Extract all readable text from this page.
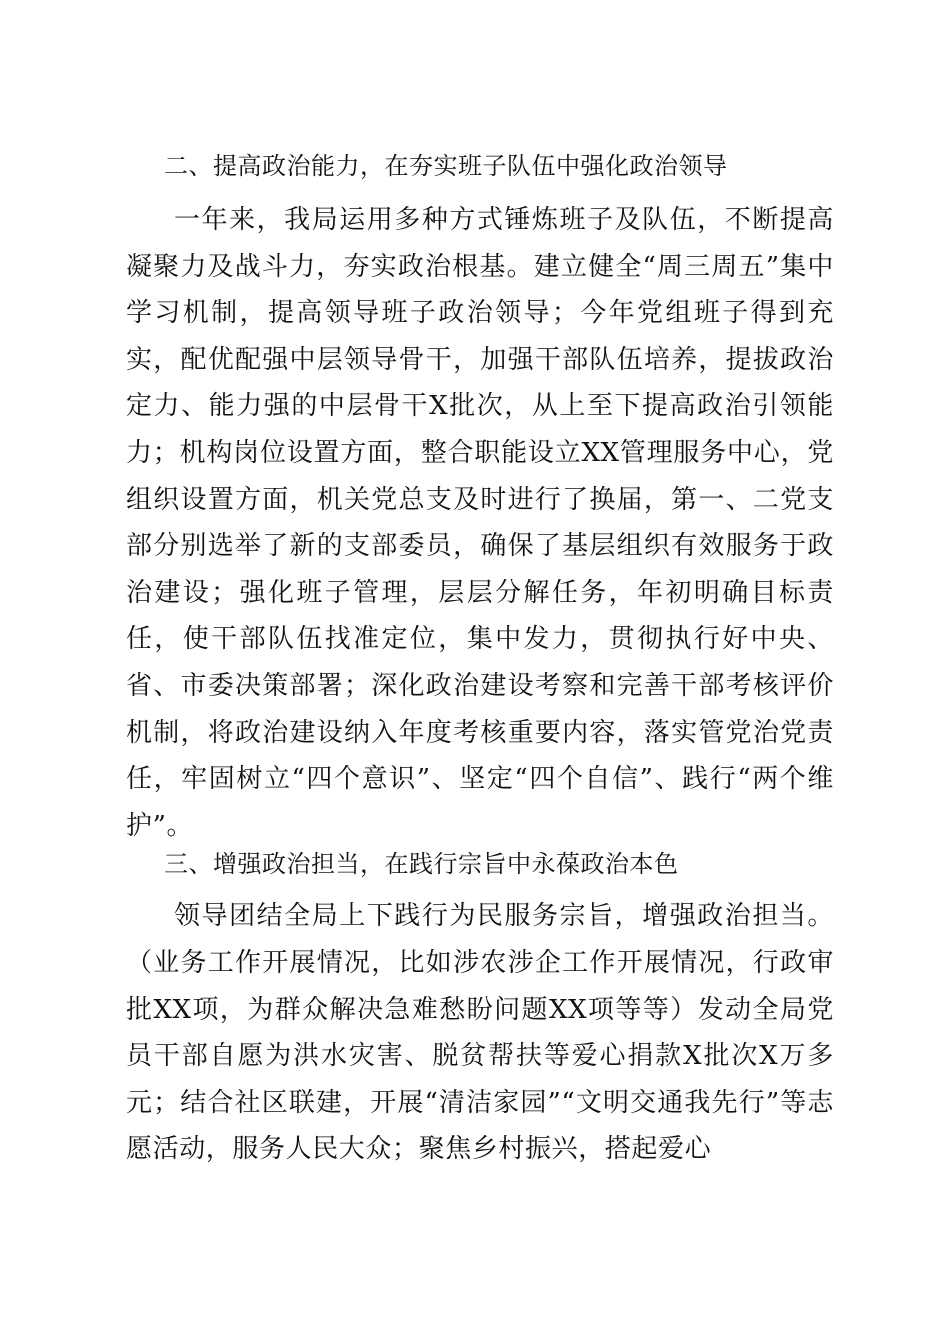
二、提高政治能力，在夯实班子队伍中强化政治领导

一年来，我局运用多种方式锤炼班子及队伍，不断提高凝聚力及战斗力，夯实政治根基。建立健全“周三周五”集中学习机制，提高领导班子政治领导；今年党组班子得到充实，配优配强中层领导骨干，加强干部队伍培养，提拔政治定力、能力强的中层骨干X批次，从上至下提高政治引领能力；机构岗位设置方面，整合职能设立XX管理服务中心，党组织设置方面，机关党总支及时进行了换届，第一、二党支部分别选举了新的支部委员，确保了基层组织有效服务于政治建设；强化班子管理，层层分解任务，年初明确目标责任，使干部队伍找准定位，集中发力，贯彻执行好中央、省、市委决策部署；深化政治建设考察和完善干部考核评价机制，将政治建设纳入年度考核重要内容，落实管党治党责任，牢固树立“四个意识”、坚定“四个自信”、践行“两个维护”。

三、增强政治担当，在践行宗旨中永葆政治本色

领导团结全局上下践行为民服务宗旨，增强政治担当。（业务工作开展情况，比如涉农涉企工作开展情况，行政审批XX项，为群众解决急难愁盼问题XX项等等）发动全局党员干部自愿为洪水灾害、脱贫帮扶等爱心捐款X批次X万多元；结合社区联建，开展“清洁家园”“文明交通我先行”等志愿活动，服务人民大众；聚焦乡村振兴，搭起爱心
